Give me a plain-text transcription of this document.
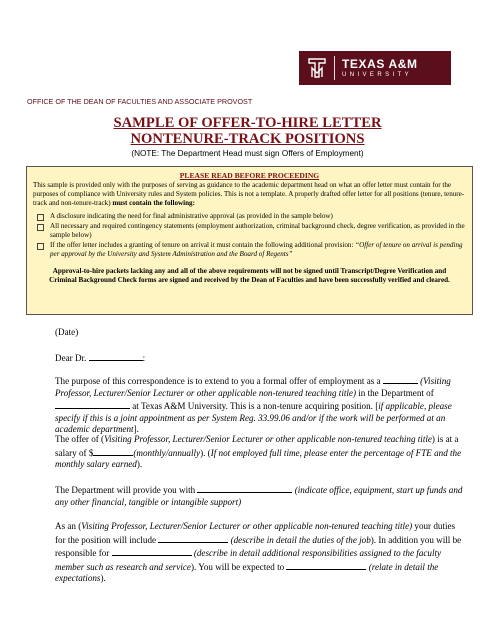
TEXAS A&M
UNIVERSITY
OFFICE OF THE DEAN OF FACULTIES AND ASSOCIATE PROVOST
SAMPLE OF OFFER-TO-HIRE LETTER
NONTENURE-TRACK POSITIONS
(NOTE: The Department Head must sign Offers of Employment)
PLEASE READ BEFORE PROCEEDING

This sample is provided only with the purposes of serving as guidance to the academic department head on what an offer letter must contain for the purposes of compliance with University rules and System policies. This is not a template. A properly drafted offer letter for all positions (tenure, tenure-track and non-tenure-track) must contain the following:

A disclosure indicating the need for final administrative approval (as provided in the sample below)
All necessary and required contingency statements (employment authorization, criminal background check, degree verification, as provided in the sample below)
If the offer letter includes a granting of tenure on arrival it must contain the following additional provision: “Offer of tenure on arrival is pending per approval by the University and System Administration and the Board of Regents”
Approval-to-hire packets lacking any and all of the above requirements will not be signed until Transcript/Degree Verification and Criminal Background Check forms are signed and received by the Dean of Faculties and have been successfully verified and cleared.
(Date)
Dear Dr.	:
The purpose of this correspondence is to extend to you a formal offer of employment as a	(Visiting Professor, Lecturer/Senior Lecturer or other applicable non-tenured teaching title) in the Department of  at Texas A&M University. This is a non-tenure acquiring position. [if applicable, please specify if this is a joint appointment as per System Reg. 33.99.06 and/or if the work will be performed at an academic department].
The offer of (Visiting Professor, Lecturer/Senior Lecturer or other applicable non-tenured teaching title) is at a salary of $	(monthly/annually). (If not employed full time, please enter the percentage of FTE and the monthly salary earned).
The Department will provide you with	(indicate office, equipment, start up funds and any other financial, tangible or intangible support)
As an (Visiting Professor, Lecturer/Senior Lecturer or other applicable non-tenured teaching title) your duties for the position will include	(describe in detail the duties of the job). In addition you will be responsible for	(describe in detail additional responsibilities assigned to the faculty member such as research and service). You will be expected to	(relate in detail the expectations).
